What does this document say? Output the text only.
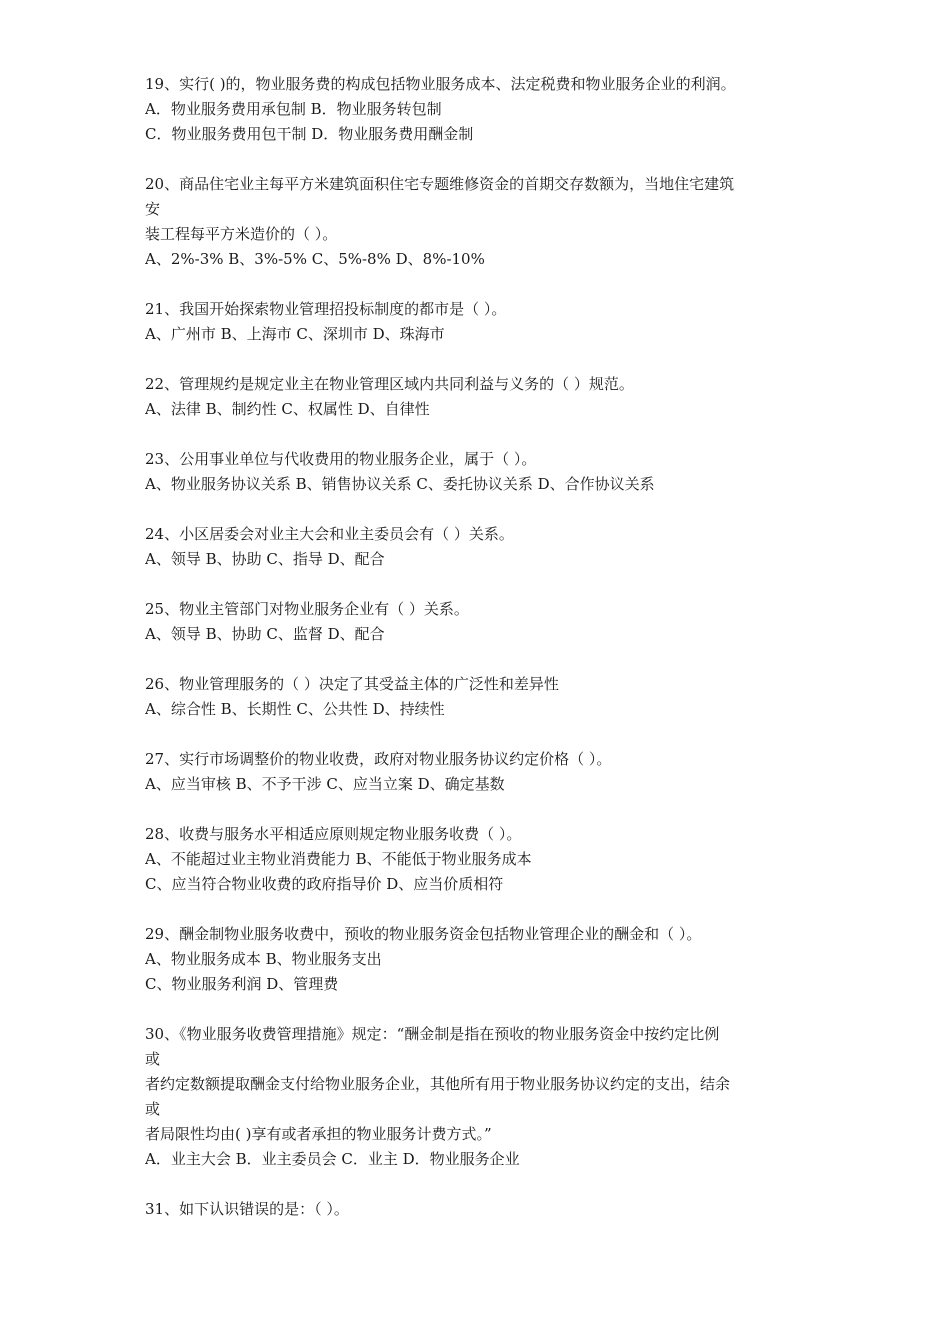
19、实行( )的，物业服务费的构成包括物业服务成本、法定税费和物业服务企业的利润。
A．物业服务费用承包制 B．物业服务转包制
C．物业服务费用包干制 D．物业服务费用酬金制
20、商品住宅业主每平方米建筑面积住宅专题维修资金的首期交存数额为，当地住宅建筑
安
装工程每平方米造价的（ ）。
A、2%-3% B、3%-5% C、5%-8% D、8%-10%
21、我国开始探索物业管理招投标制度的都市是（ ）。
A、广州市 B、上海市 C、深圳市 D、珠海市
22、管理规约是规定业主在物业管理区域内共同利益与义务的（ ）规范。
A、法律 B、制约性 C、权属性 D、自律性
23、公用事业单位与代收费用的物业服务企业，属于（ ）。
A、物业服务协议关系 B、销售协议关系 C、委托协议关系 D、合作协议关系
24、小区居委会对业主大会和业主委员会有（ ）关系。
A、领导 B、协助 C、指导 D、配合
25、物业主管部门对物业服务企业有（ ）关系。
A、领导 B、协助 C、监督 D、配合
26、物业管理服务的（ ）决定了其受益主体的广泛性和差异性
A、综合性 B、长期性 C、公共性 D、持续性
27、实行市场调整价的物业收费，政府对物业服务协议约定价格（ ）。
A、应当审核 B、不予干涉 C、应当立案 D、确定基数
28、收费与服务水平相适应原则规定物业服务收费（ ）。
A、不能超过业主物业消费能力 B、不能低于物业服务成本
C、应当符合物业收费的政府指导价 D、应当价质相符
29、酬金制物业服务收费中，预收的物业服务资金包括物业管理企业的酬金和（ ）。
A、物业服务成本 B、物业服务支出
C、物业服务利润 D、管理费
30、《物业服务收费管理措施》规定：“酬金制是指在预收的物业服务资金中按约定比例
或
者约定数额提取酬金支付给物业服务企业，其他所有用于物业服务协议约定的支出，结余
或
者局限性均由( )享有或者承担的物业服务计费方式。”
A．业主大会 B．业主委员会 C．业主 D．物业服务企业
31、如下认识错误的是：（ ）。
